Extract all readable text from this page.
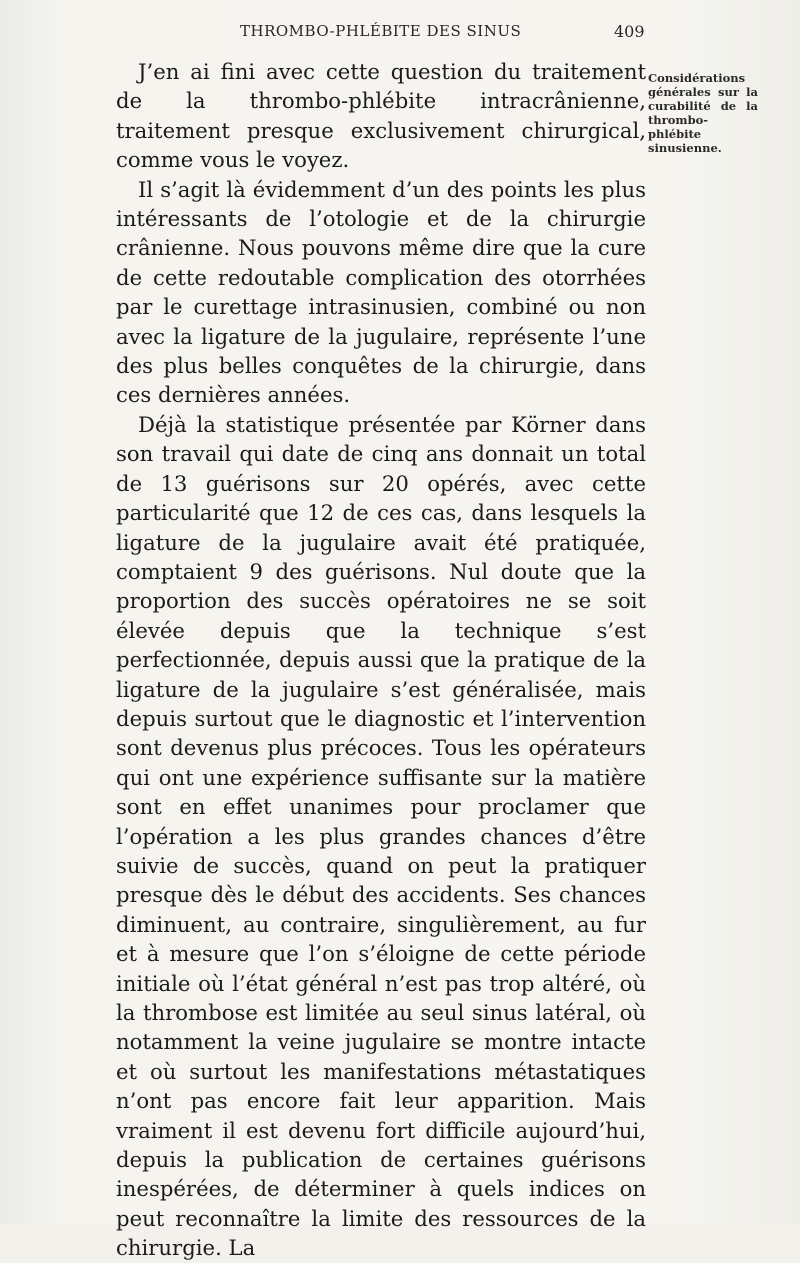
THROMBO-PHLÉBITE DES SINUS	409

J’en ai fini avec cette question du traitement de la thrombo-phlébite intracrânienne, traitement presque exclusivement chirurgical, comme vous le voyez.

Il s’agit là évidemment d’un des points les plus intéressants de l’otologie et de la chirurgie crânienne. Nous pouvons même dire que la cure de cette redoutable complication des otorrhées par le curettage intrasinusien, combiné ou non avec la ligature de la jugulaire, représente l’une des plus belles conquêtes de la chirurgie, dans ces dernières années.

Déjà la statistique présentée par Körner dans son travail qui date de cinq ans donnait un total de 13 guérisons sur 20 opérés, avec cette particularité que 12 de ces cas, dans lesquels la ligature de la jugulaire avait été pratiquée, comptaient 9 des guérisons. Nul doute que la proportion des succès opératoires ne se soit élevée depuis que la technique s’est perfectionnée, depuis aussi que la pratique de la ligature de la jugulaire s’est généralisée, mais depuis surtout que le diagnostic et l’intervention sont devenus plus précoces. Tous les opérateurs qui ont une expérience suffisante sur la matière sont en effet unanimes pour proclamer que l’opération a les plus grandes chances d’être suivie de succès, quand on peut la pratiquer presque dès le début des accidents. Ses chances diminuent, au contraire, singulièrement, au fur et à mesure que l’on s’éloigne de cette période initiale où l’état général n’est pas trop altéré, où la thrombose est limitée au seul sinus latéral, où notamment la veine jugulaire se montre intacte et où surtout les manifestations métastatiques n’ont pas encore fait leur apparition. Mais vraiment il est devenu fort difficile aujourd’hui, depuis la publication de certaines guérisons inespérées, de déterminer à quels indices on peut reconnaître la limite des ressources de la chirurgie. La

Considérations générales sur la curabilité de la thrombo-phlébite sinusienne.
